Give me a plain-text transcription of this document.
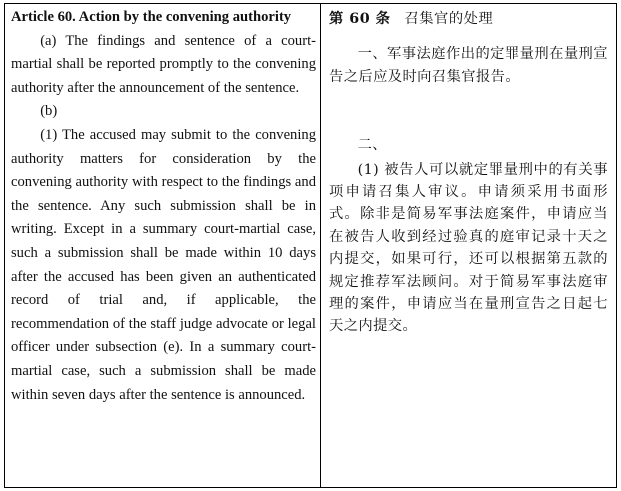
Article 60. Action by the convening authority

(a) The findings and sentence of a court-martial shall be reported promptly to the convening authority after the announcement of the sentence.

(b)

(1) The accused may submit to the convening authority matters for consideration by the convening authority with respect to the findings and the sentence. Any such submission shall be in writing. Except in a summary court-martial case, such a submission shall be made within 10 days after the accused has been given an authenticated record of trial and, if applicable, the recommendation of the staff judge advocate or legal officer under subsection (e). In a summary court-martial case, such a submission shall be made within seven days after the sentence is announced.

第 60 条 召集官的处理

一、军事法庭作出的定罪量刑在量刑宣告之后应及时向召集官报告。

二、

(1) 被告人可以就定罪量刑中的有关事项申请召集人审议。申请须采用书面形式。除非是简易军事法庭案件，申请应当在被告人收到经过验真的庭审记录十天之内提交，如果可行，还可以根据第五款的规定推荐军法顾问。对于简易军事法庭审理的案件，申请应当在量刑宣告之日起七天之内提交。
